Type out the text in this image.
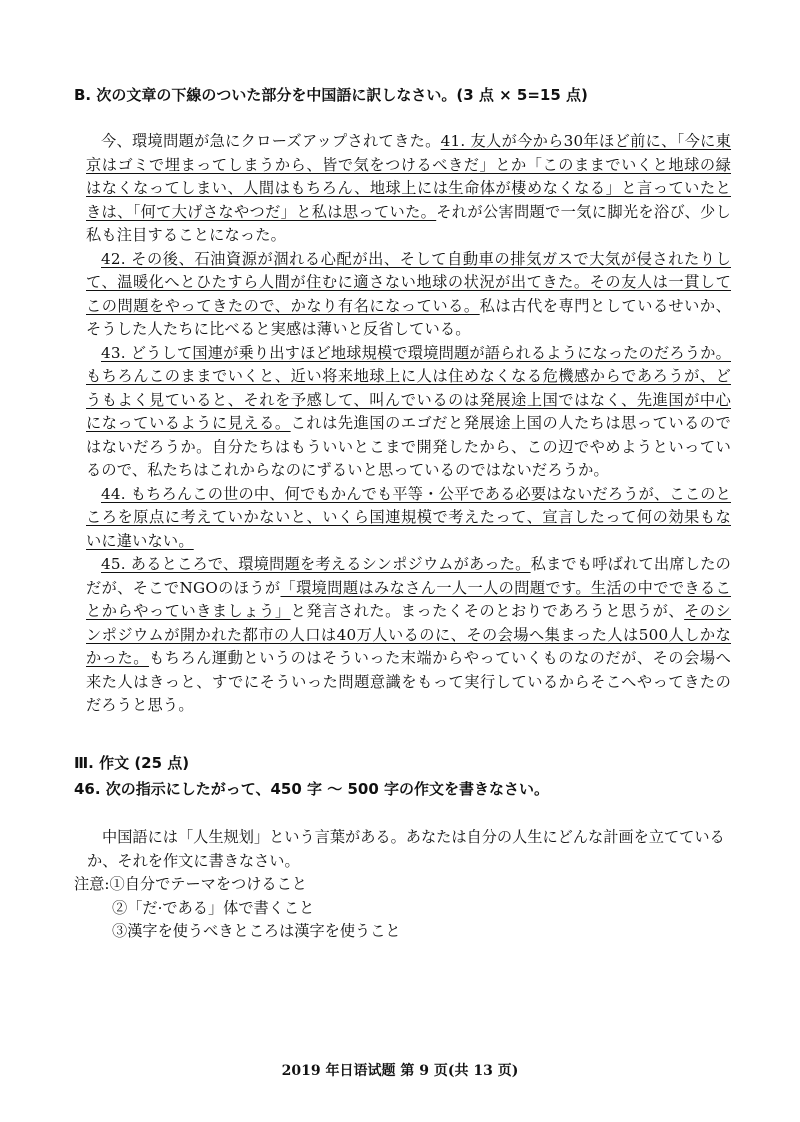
B. 次の文章の下線のついた部分を中国語に訳しなさい。(3 点 × 5=15 点)

今、環境問題が急にクローズアップされてきた。41. 友人が今から30年ほど前に、「今に東京はゴミで埋まってしまうから、皆で気をつけるべきだ」とか「このままでいくと地球の緑はなくなってしまい、人間はもちろん、地球上には生命体が棲めなくなる」と言っていたときは、「何て大げさなやつだ」と私は思っていた。それが公害問題で一気に脚光を浴び、少し私も注目することになった。

42. その後、石油資源が涸れる心配が出、そして自動車の排気ガスで大気が侵されたりして、温暖化へとひたすら人間が住むに適さない地球の状況が出てきた。その友人は一貫してこの問題をやってきたので、かなり有名になっている。私は古代を専門としているせいか、そうした人たちに比べると実感は薄いと反省している。

43. どうして国連が乗り出すほど地球規模で環境問題が語られるようになったのだろうか。もちろんこのままでいくと、近い将来地球上に人は住めなくなる危機感からであろうが、どうもよく見ていると、それを予感して、叫んでいるのは発展途上国ではなく、先進国が中心になっているように見える。これは先進国のエゴだと発展途上国の人たちは思っているのではないだろうか。自分たちはもういいとこまで開発したから、この辺でやめようといっているので、私たちはこれからなのにずるいと思っているのではないだろうか。

44. もちろんこの世の中、何でもかんでも平等・公平である必要はないだろうが、ここのところを原点に考えていかないと、いくら国連規模で考えたって、宣言したって何の効果もないに違いない。

45. あるところで、環境問題を考えるシンポジウムがあった。私までも呼ばれて出席したのだが、そこでNGOのほうが「環境問題はみなさん一人一人の問題です。生活の中でできることからやっていきましょう」と発言された。まったくそのとおりであろうと思うが、そのシンポジウムが開かれた都市の人口は40万人いるのに、その会場へ集まった人は500人しかなかった。もちろん運動というのはそういった末端からやっていくものなのだが、その会場へ来た人はきっと、すでにそういった問題意識をもって実行しているからそこへやってきたのだろうと思う。

Ⅲ. 作文 (25 点)
46. 次の指示にしたがって、450 字 ～ 500 字の作文を書きなさい。

中国語には「人生规划」という言葉がある。あなたは自分の人生にどんな計画を立てているか、それを作文に書きなさい。

注意:①自分でテーマをつけること

②「だ·である」体で書くこと

③漢字を使うべきところは漢字を使うこと

2019 年日语试题 第 9 页(共 13 页)
